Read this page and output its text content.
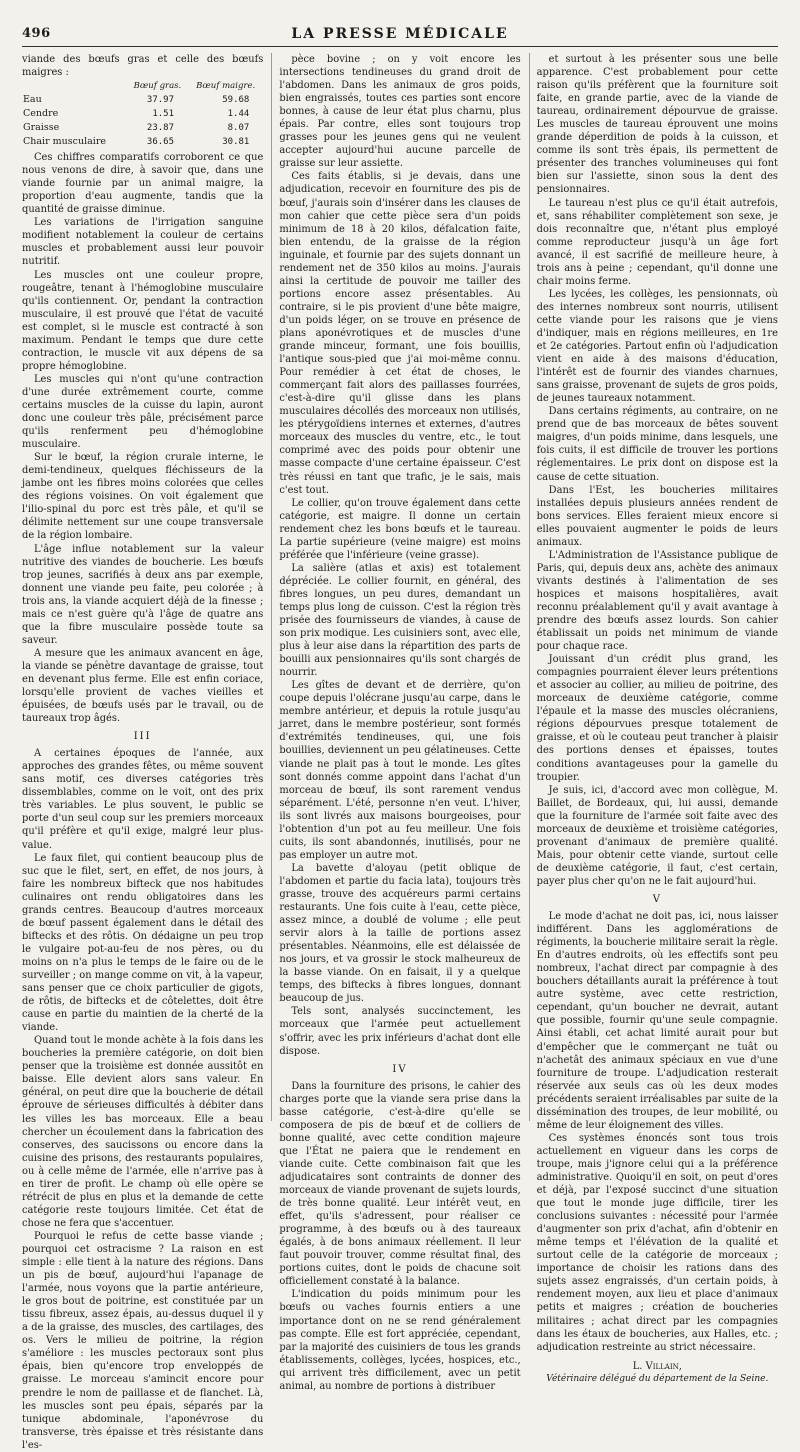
496	LA PRESSE MÉDICALE

viande des bœufs gras et celle des bœufs maigres :

	Bœuf gras.	Bœuf maigre.
Eau	37.97	59.68
Cendre	1.51	1.44
Graisse	23.87	8.07
Chair musculaire	36.65	30.81

Ces chiffres comparatifs corroborent ce que nous venons de dire, à savoir que, dans une viande fournie par un animal maigre, la proportion d'eau augmente, tandis que la quantité de graisse diminue.

Les variations de l'irrigation sanguine modifient notablement la couleur de certains muscles et probablement aussi leur pouvoir nutritif.

Les muscles ont une couleur propre, rougeâtre, tenant à l'hémoglobine musculaire qu'ils contiennent. Or, pendant la contraction musculaire, il est prouvé que l'état de vacuité est complet, si le muscle est contracté à son maximum. Pendant le temps que dure cette contraction, le muscle vit aux dépens de sa propre hémoglobine.

Les muscles qui n'ont qu'une contraction d'une durée extrêmement courte, comme certains muscles de la cuisse du lapin, auront donc une couleur très pâle, précisément parce qu'ils renferment peu d'hémoglobine musculaire.

Sur le bœuf, la région crurale interne, le demi-tendineux, quelques fléchisseurs de la jambe ont les fibres moins colorées que celles des régions voisines. On voit également que l'ilio-spinal du porc est très pâle, et qu'il se délimite nettement sur une coupe transversale de la région lombaire.

L'âge influe notablement sur la valeur nutritive des viandes de boucherie. Les bœufs trop jeunes, sacrifiés à deux ans par exemple, donnent une viande peu faite, peu colorée ; à trois ans, la viande acquiert déjà de la finesse ; mais ce n'est guère qu'à l'âge de quatre ans que la fibre musculaire possède toute sa saveur.

A mesure que les animaux avancent en âge, la viande se pénètre davantage de graisse, tout en devenant plus ferme. Elle est enfin coriace, lorsqu'elle provient de vaches vieilles et épuisées, de bœufs usés par le travail, ou de taureaux trop âgés.

III

A certaines époques de l'année, aux approches des grandes fêtes, ou même souvent sans motif, ces diverses catégories très dissemblables, comme on le voit, ont des prix très variables. Le plus souvent, le public se porte d'un seul coup sur les premiers morceaux qu'il préfère et qu'il exige, malgré leur plus-value.

Le faux filet, qui contient beaucoup plus de suc que le filet, sert, en effet, de nos jours, à faire les nombreux bifteck que nos habitudes culinaires ont rendu obligatoires dans les grands centres. Beaucoup d'autres morceaux de bœuf passent également dans le détail des biftecks et des rôtis. On dédaigne un peu trop le vulgaire pot-au-feu de nos pères, ou du moins on n'a plus le temps de le faire ou de le surveiller ; on mange comme on vit, à la vapeur, sans penser que ce choix particulier de gigots, de rôtis, de biftecks et de côtelettes, doit être cause en partie du maintien de la cherté de la viande.

Quand tout le monde achète à la fois dans les boucheries la première catégorie, on doit bien penser que la troisième est donnée aussitôt en baisse. Elle devient alors sans valeur. En général, on peut dire que la boucherie de détail éprouve de sérieuses difficultés à débiter dans les villes les bas morceaux. Elle a beau chercher un écoulement dans la fabrication des conserves, des saucissons ou encore dans la cuisine des prisons, des restaurants populaires, ou à celle même de l'armée, elle n'arrive pas à en tirer de profit. Le champ où elle opère se rétrécit de plus en plus et la demande de cette catégorie reste toujours limitée. Cet état de chose ne fera que s'accentuer.

Pourquoi le refus de cette basse viande ; pourquoi cet ostracisme ? La raison en est simple : elle tient à la nature des régions. Dans un pis de bœuf, aujourd'hui l'apanage de l'armée, nous voyons que la partie antérieure, le gros bout de poitrine, est constituée par un tissu fibreux, assez épais, au-dessus duquel il y a de la graisse, des muscles, des cartilages, des os. Vers le milieu de poitrine, la région s'améliore : les muscles pectoraux sont plus épais, bien qu'encore trop enveloppés de graisse. Le morceau s'amincit encore pour prendre le nom de paillasse et de flanchet. Là, les muscles sont peu épais, séparés par la tunique abdominale, l'aponévrose du transverse, très épaisse et très résistante dans l'es-

pèce bovine ; on y voit encore les intersections tendineuses du grand droit de l'abdomen. Dans les animaux de gros poids, bien engraissés, toutes ces parties sont encore bonnes, à cause de leur état plus charnu, plus épais. Par contre, elles sont toujours trop grasses pour les jeunes gens qui ne veulent accepter aujourd'hui aucune parcelle de graisse sur leur assiette.

Ces faits établis, si je devais, dans une adjudication, recevoir en fourniture des pis de bœuf, j'aurais soin d'insérer dans les clauses de mon cahier que cette pièce sera d'un poids minimum de 18 à 20 kilos, défalcation faite, bien entendu, de la graisse de la région inguinale, et fournie par des sujets donnant un rendement net de 350 kilos au moins. J'aurais ainsi la certitude de pouvoir me tailler des portions encore assez présentables. Au contraire, si le pis provient d'une bête maigre, d'un poids léger, on se trouve en présence de plans aponévrotiques et de muscles d'une grande minceur, formant, une fois bouillis, l'antique sous-pied que j'ai moi-même connu. Pour remédier à cet état de choses, le commerçant fait alors des paillasses fourrées, c'est-à-dire qu'il glisse dans les plans musculaires décollés des morceaux non utilisés, les ptérygoïdiens internes et externes, d'autres morceaux des muscles du ventre, etc., le tout comprimé avec des poids pour obtenir une masse compacte d'une certaine épaisseur. C'est très réussi en tant que trafic, je le sais, mais c'est tout.

Le collier, qu'on trouve également dans cette catégorie, est maigre. Il donne un certain rendement chez les bons bœufs et le taureau. La partie supérieure (veine maigre) est moins préférée que l'inférieure (veine grasse).

La salière (atlas et axis) est totalement dépréciée. Le collier fournit, en général, des fibres longues, un peu dures, demandant un temps plus long de cuisson. C'est la région très prisée des fournisseurs de viandes, à cause de son prix modique. Les cuisiniers sont, avec elle, plus à leur aise dans la répartition des parts de bouilli aux pensionnaires qu'ils sont chargés de nourrir.

Les gîtes de devant et de derrière, qu'on coupe depuis l'olécrane jusqu'au carpe, dans le membre antérieur, et depuis la rotule jusqu'au jarret, dans le membre postérieur, sont formés d'extrémités tendineuses, qui, une fois bouillies, deviennent un peu gélatineuses. Cette viande ne plait pas à tout le monde. Les gîtes sont donnés comme appoint dans l'achat d'un morceau de bœuf, ils sont rarement vendus séparément. L'été, personne n'en veut. L'hiver, ils sont livrés aux maisons bourgeoises, pour l'obtention d'un pot au feu meilleur. Une fois cuits, ils sont abandonnés, inutilisés, pour ne pas employer un autre mot.

La bavette d'aloyau (petit oblique de l'abdomen et partie du facia lata), toujours très grasse, trouve des acquéreurs parmi certains restaurants. Une fois cuite à l'eau, cette pièce, assez mince, a doublé de volume ; elle peut servir alors à la taille de portions assez présentables. Néanmoins, elle est délaissée de nos jours, et va grossir le stock malheureux de la basse viande. On en faisait, il y a quelque temps, des biftecks à fibres longues, donnant beaucoup de jus.

Tels sont, analysés succinctement, les morceaux que l'armée peut actuellement s'offrir, avec les prix inférieurs d'achat dont elle dispose.

IV

Dans la fourniture des prisons, le cahier des charges porte que la viande sera prise dans la basse catégorie, c'est-à-dire qu'elle se composera de pis de bœuf et de colliers de bonne qualité, avec cette condition majeure que l'État ne paiera que le rendement en viande cuite. Cette combinaison fait que les adjudicataires sont contraints de donner des morceaux de viande provenant de sujets lourds, de très bonne qualité. Leur intérêt veut, en effet, qu'ils s'adressent, pour réaliser ce programme, à des bœufs ou à des taureaux égalés, à de bons animaux réellement. Il leur faut pouvoir trouver, comme résultat final, des portions cuites, dont le poids de chacune soit officiellement constaté à la balance.

L'indication du poids minimum pour les bœufs ou vaches fournis entiers a une importance dont on ne se rend généralement pas compte. Elle est fort appréciée, cependant, par la majorité des cuisiniers de tous les grands établissements, collèges, lycées, hospices, etc., qui arrivent très difficilement, avec un petit animal, au nombre de portions à distribuer

et surtout à les présenter sous une belle apparence. C'est probablement pour cette raison qu'ils préfèrent que la fourniture soit faite, en grande partie, avec de la viande de taureau, ordinairement dépourvue de graisse. Les muscles de taureau éprouvent une moins grande déperdition de poids à la cuisson, et comme ils sont très épais, ils permettent de présenter des tranches volumineuses qui font bien sur l'assiette, sinon sous la dent des pensionnaires.

Le taureau n'est plus ce qu'il était autrefois, et, sans réhabiliter complètement son sexe, je dois reconnaître que, n'étant plus employé comme reproducteur jusqu'à un âge fort avancé, il est sacrifié de meilleure heure, à trois ans à peine ; cependant, qu'il donne une chair moins ferme.

Les lycées, les collèges, les pensionnats, où des internes nombreux sont nourris, utilisent cette viande pour les raisons que je viens d'indiquer, mais en régions meilleures, en 1re et 2e catégories. Partout enfin où l'adjudication vient en aide à des maisons d'éducation, l'intérêt est de fournir des viandes charnues, sans graisse, provenant de sujets de gros poids, de jeunes taureaux notamment.

Dans certains régiments, au contraire, on ne prend que de bas morceaux de bêtes souvent maigres, d'un poids minime, dans lesquels, une fois cuits, il est difficile de trouver les portions réglementaires. Le prix dont on dispose est la cause de cette situation.

Dans l'Est, les boucheries militaires installées depuis plusieurs années rendent de bons services. Elles feraient mieux encore si elles pouvaient augmenter le poids de leurs animaux.

L'Administration de l'Assistance publique de Paris, qui, depuis deux ans, achète des animaux vivants destinés à l'alimentation de ses hospices et maisons hospitalières, avait reconnu préalablement qu'il y avait avantage à prendre des bœufs assez lourds. Son cahier établissait un poids net minimum de viande pour chaque race.

Jouissant d'un crédit plus grand, les compagnies pourraient élever leurs prétentions et associer au collier, au milieu de poitrine, des morceaux de deuxième catégorie, comme l'épaule et la masse des muscles olécraniens, régions dépourvues presque totalement de graisse, et où le couteau peut trancher à plaisir des portions denses et épaisses, toutes conditions avantageuses pour la gamelle du troupier.

Je suis, ici, d'accord avec mon collègue, M. Baillet, de Bordeaux, qui, lui aussi, demande que la fourniture de l'armée soit faite avec des morceaux de deuxième et troisième catégories, provenant d'animaux de première qualité. Mais, pour obtenir cette viande, surtout celle de deuxième catégorie, il faut, c'est certain, payer plus cher qu'on ne le fait aujourd'hui.

V

Le mode d'achat ne doit pas, ici, nous laisser indifférent. Dans les agglomérations de régiments, la boucherie militaire serait la règle. En d'autres endroits, où les effectifs sont peu nombreux, l'achat direct par compagnie à des bouchers détaillants aurait la préférence à tout autre système, avec cette restriction, cependant, qu'un boucher ne devrait, autant que possible, fournir qu'une seule compagnie. Ainsi établi, cet achat limité aurait pour but d'empêcher que le commerçant ne tuât ou n'achetât des animaux spéciaux en vue d'une fourniture de troupe. L'adjudication resterait réservée aux seuls cas où les deux modes précédents seraient irréalisables par suite de la dissémination des troupes, de leur mobilité, ou même de leur éloignement des villes.

Ces systèmes énoncés sont tous trois actuellement en vigueur dans les corps de troupe, mais j'ignore celui qui a la préférence administrative. Quoiqu'il en soit, on peut d'ores et déjà, par l'exposé succinct d'une situation que tout le monde juge difficile, tirer les conclusions suivantes : nécessité pour l'armée d'augmenter son prix d'achat, afin d'obtenir en même temps et l'élévation de la qualité et surtout celle de la catégorie de morceaux ; importance de choisir les rations dans des sujets assez engraissés, d'un certain poids, à rendement moyen, aux lieu et place d'animaux petits et maigres ; création de boucheries militaires ; achat direct par les compagnies dans les étaux de boucheries, aux Halles, etc. ; adjudication restreinte au strict nécessaire.

L. Villain,
Vétérinaire délégué du département de la Seine.
